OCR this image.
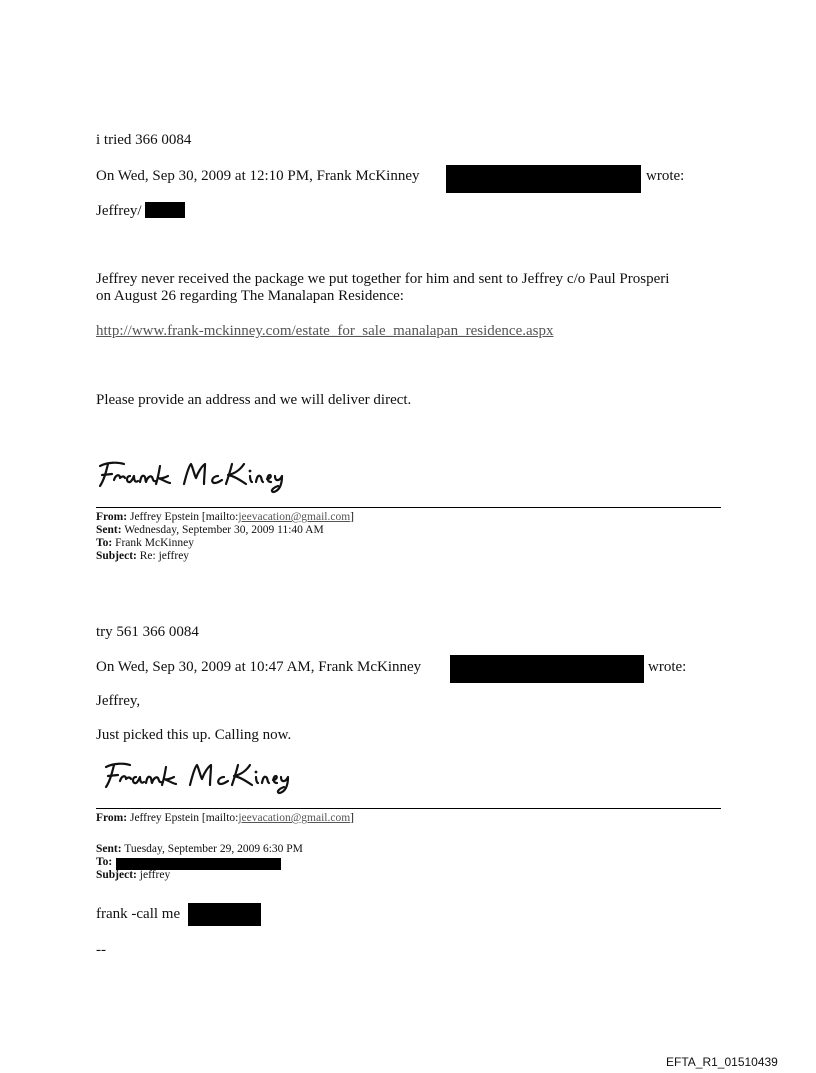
i tried 366 0084
On Wed, Sep 30, 2009 at 12:10 PM, Frank McKinney	wrote:
Jeffrey/
Jeffrey never received the package we put together for him and sent to Jeffrey c/o Paul Prosperi
on August 26 regarding The Manalapan Residence:
http://www.frank-mckinney.com/estate_for_sale_manalapan_residence.aspx
Please provide an address and we will deliver direct.
From: Jeffrey Epstein [mailto:jeevacation@gmail.com]
Sent: Wednesday, September 30, 2009 11:40 AM
To: Frank McKinney
Subject: Re: jeffrey
try 561 366 0084
On Wed, Sep 30, 2009 at 10:47 AM, Frank McKinney	wrote:
Jeffrey,
Just picked this up. Calling now.
From: Jeffrey Epstein [mailto:jeevacation@gmail.com]
Sent: Tuesday, September 29, 2009 6:30 PM
To:
Subject: jeffrey
frank -call me
--
EFTA_R1_01510439
